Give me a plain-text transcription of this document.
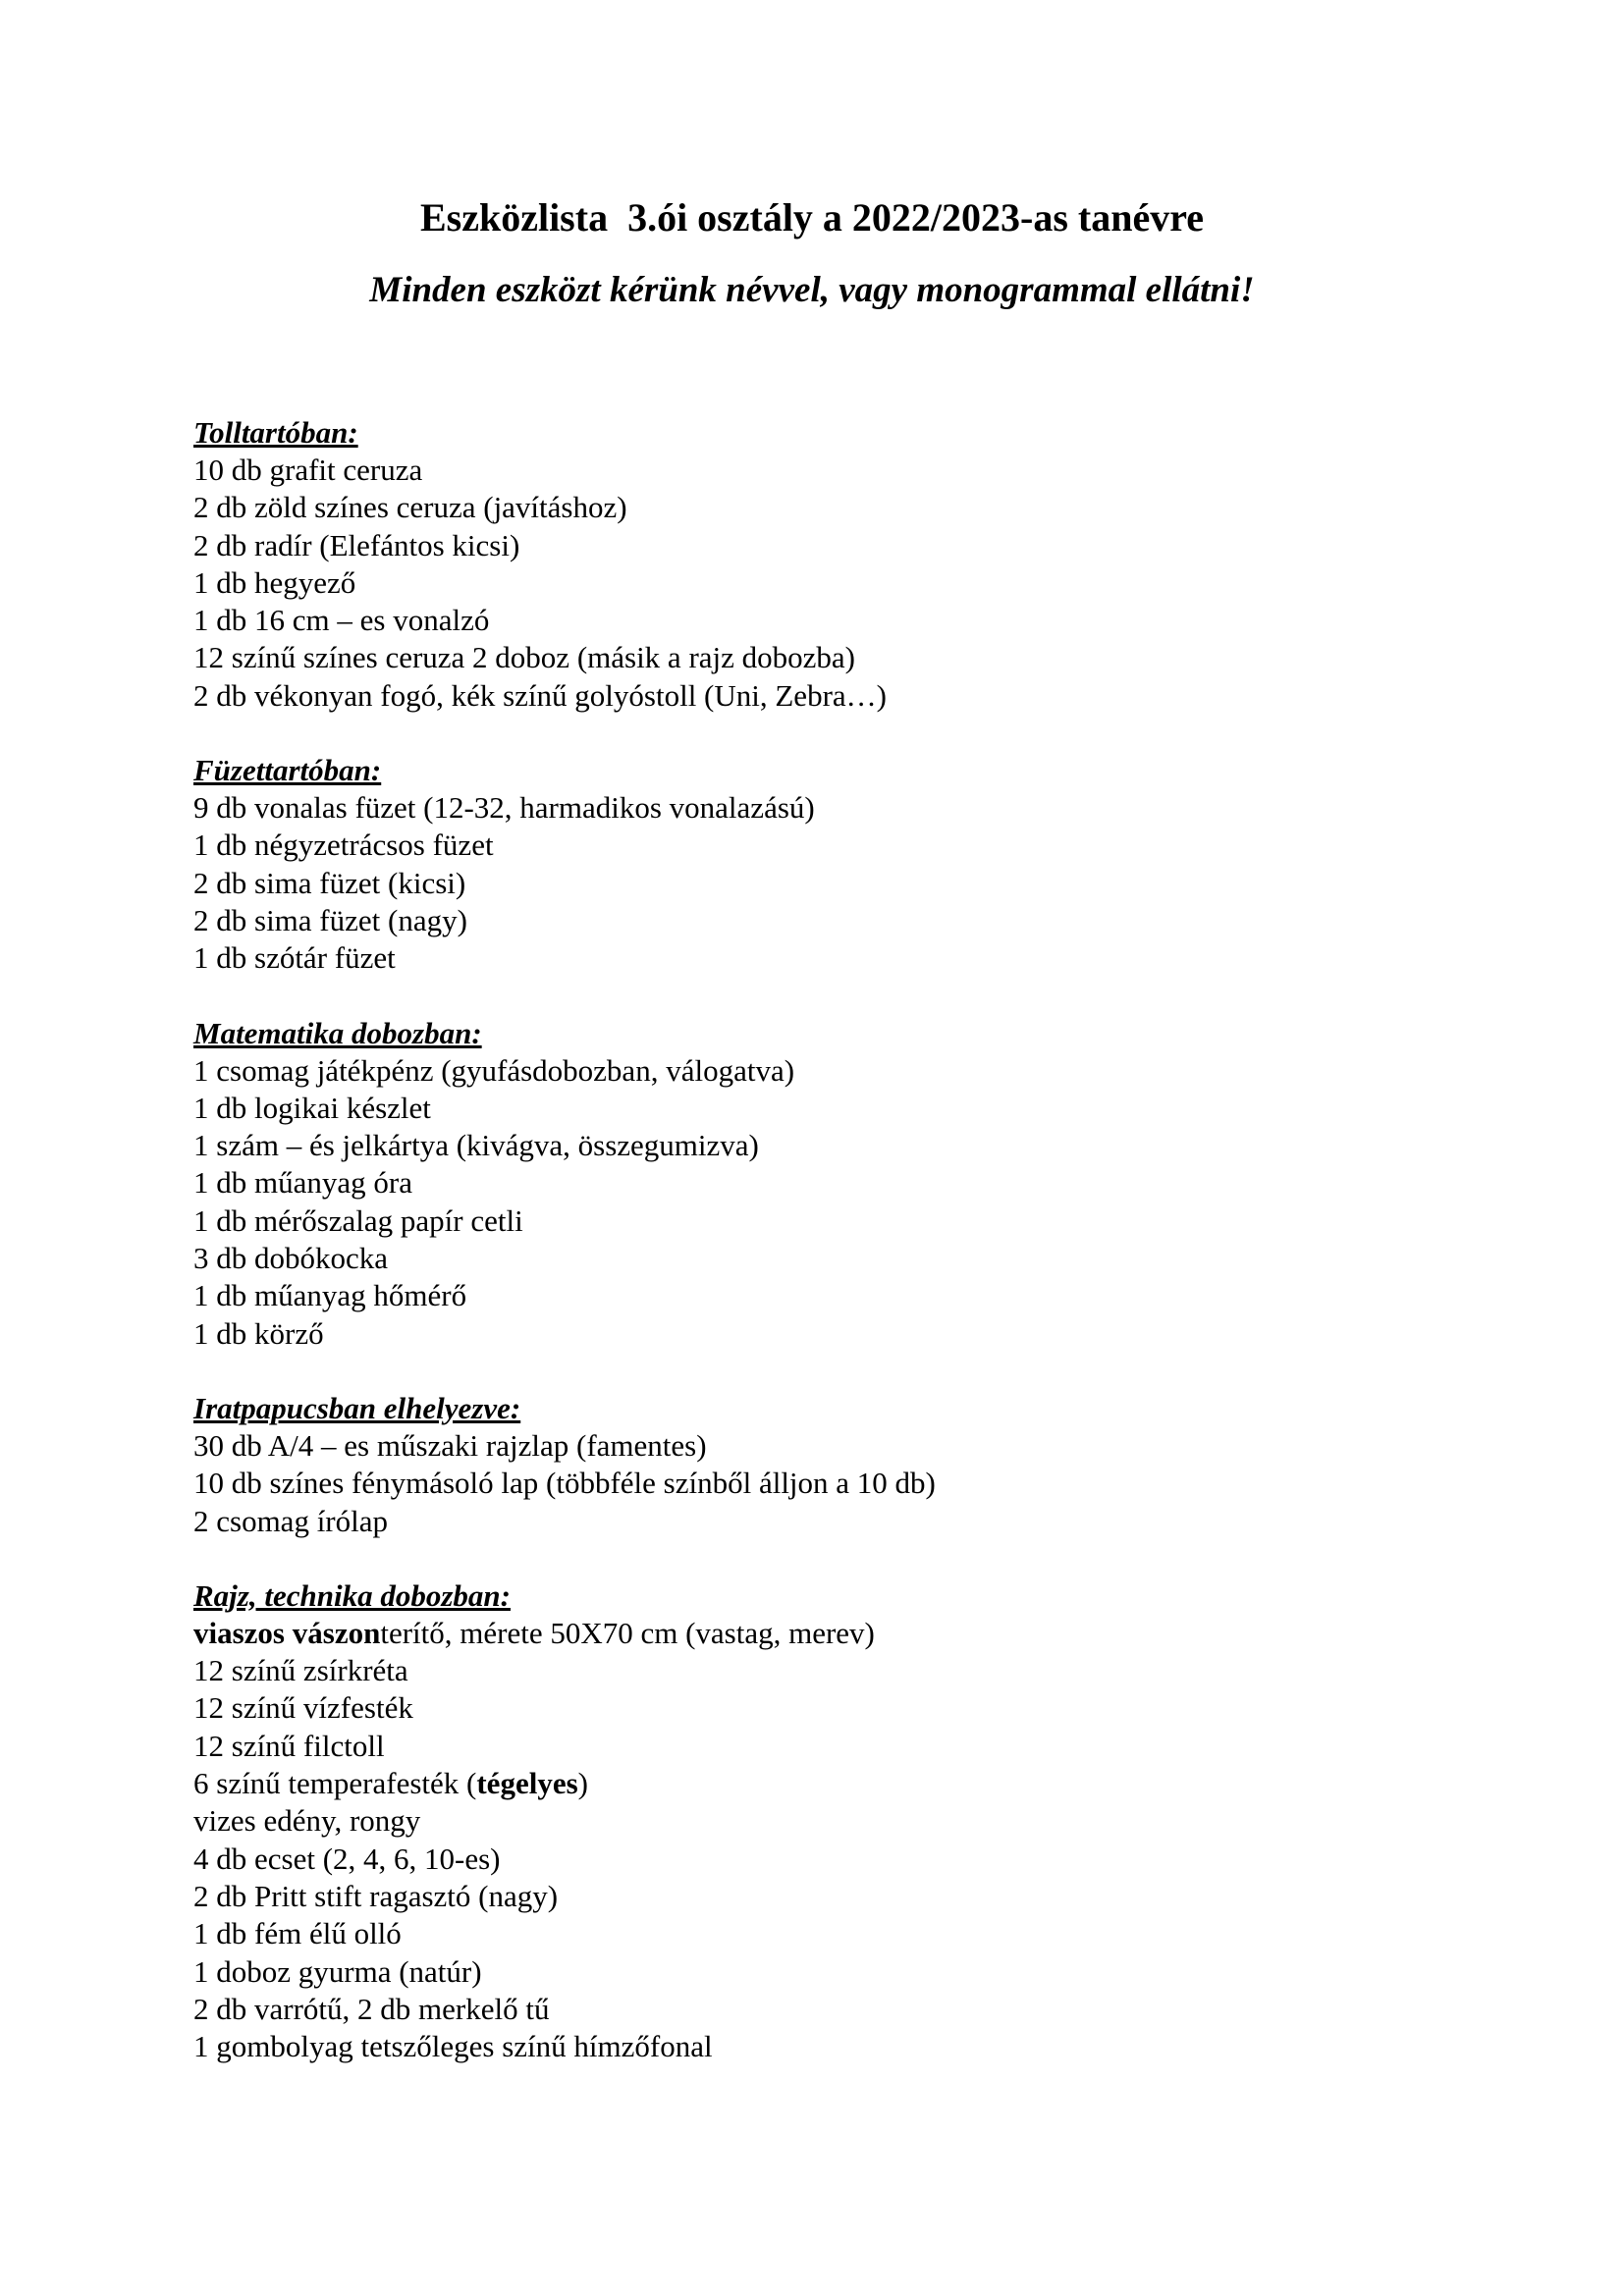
Eszközlista  3.ói osztály a 2022/2023-as tanévre
Minden eszközt kérünk névvel, vagy monogrammal ellátni!
Tolltartóban:
10 db grafit ceruza
2 db zöld színes ceruza (javításhoz)
2 db radír (Elefántos kicsi)
1 db hegyező
1 db 16 cm – es vonalzó
12 színű színes ceruza 2 doboz (másik a rajz dobozba)
2 db vékonyan fogó, kék színű golyóstoll (Uni, Zebra…)
Füzettartóban:
9 db vonalas füzet (12-32, harmadikos vonalazású)
1 db négyzetrácsos füzet
2 db sima füzet (kicsi)
2 db sima füzet (nagy)
1 db szótár füzet
Matematika dobozban:
1 csomag játékpénz (gyufásdobozban, válogatva)
1 db logikai készlet
1 szám – és jelkártya (kivágva, összegumizva)
1 db műanyag óra
1 db mérőszalag papír cetli
3 db dobókocka
1 db műanyag hőmérő
1 db körző
Iratpapucsban elhelyezve:
30 db A/4 – es műszaki rajzlap (famentes)
10 db színes fénymásoló lap (többféle színből álljon a 10 db)
2 csomag írólap
Rajz, technika dobozban:
viaszos vászonterítő, mérete 50X70 cm (vastag, merev)
12 színű zsírkréta
12 színű vízfesték
12 színű filctoll
6 színű temperafesték (tégelyes)
vizes edény, rongy
4 db ecset (2, 4, 6, 10-es)
2 db Pritt stift ragasztó (nagy)
1 db fém élű olló
1 doboz gyurma (natúr)
2 db varrótű, 2 db merkelő tű
1 gombolyag tetszőleges színű hímzőfonal
